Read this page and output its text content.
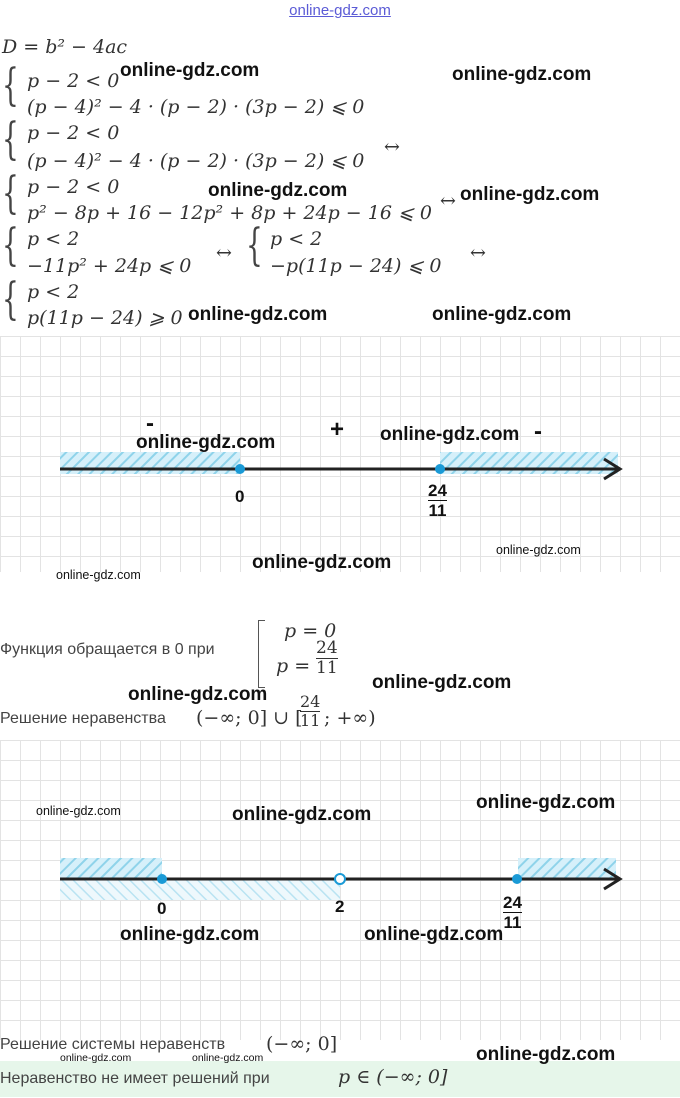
online-gdz.com
D = b² − 4ac
{ p − 2 < 0
(p − 4)² − 4 · (p − 2) · (3p − 2) ⩽ 0
{ p − 2 < 0
(p − 4)² − 4 · (p − 2) · (3p − 2) ⩽ 0
↔
{ p − 2 < 0
p² − 8p + 16 − 12p² + 8p + 24p − 16 ⩽ 0
↔
{ p < 2
−11p² + 24p ⩽ 0
↔ { p < 2
−p(11p − 24) ⩽ 0
↔
{ p < 2
p(11p − 24) ⩾ 0
-	+	-
0	24
11
Функция обращается в 0 при
p = 0
p =
24
11
Решение неравенства (−∞; 0] ∪ [
24
11 ; +∞)
0	2	24
11
Решение системы неравенств (−∞; 0]
Неравенство не имеет решений при	p ∈ (−∞; 0]
online-gdz.com	online-gdz.com
online-gdz.com	online-gdz.com
online-gdz.com	online-gdz.com
online-gdz.com	online-gdz.com
online-gdz.com
online-gdz.com
online-gdz.com
online-gdz.com
online-gdz.com
online-gdz.com	online-gdz.com
online-gdz.com
online-gdz.com	online-gdz.com
online-gdz.com	online-gdz.com	online-gdz.com
